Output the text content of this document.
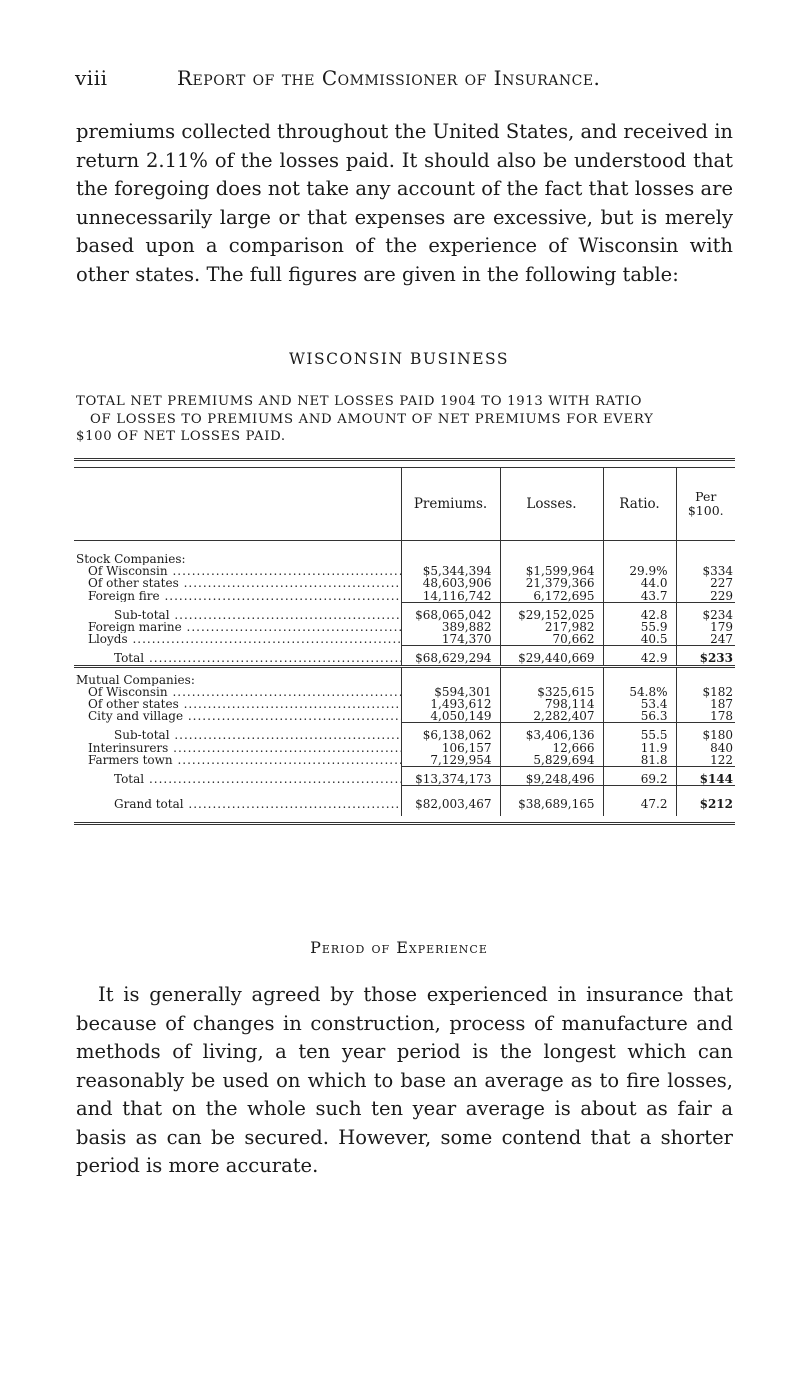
viii	Report of the Commissioner of Insurance.

premiums collected throughout the United States, and received in return 2.11% of the losses paid. It should also be understood that the foregoing does not take any account of the fact that losses are unnecessarily large or that expenses are excessive, but is merely based upon a comparison of the experience of Wisconsin with other states. The full figures are given in the following table:

WISCONSIN BUSINESS
TOTAL NET PREMIUMS AND NET LOSSES PAID 1904 TO 1913 WITH RATIO
OF LOSSES TO PREMIUMS AND AMOUNT OF NET PREMIUMS FOR EVERY
$100 OF NET LOSSES PAID.
	Premiums.	Losses.	Ratio.	Per $100.

Stock Companies:				
Of Wisconsin .....	$5,344,394	$1,599,964	29.9%	$334
Of other states .....	48,603,906	21,379,366	44.0	227
Foreign fire .....	14,116,742	6,172,695	43.7	229

Sub-total .....	$68,065,042	$29,152,025	42.8	$234
Foreign marine .....	389,882	217,982	55.9	179
Lloyds .....	174,370	70,662	40.5	247

Total .....	$68,629,294	$29,440,669	42.9	$233

Mutual Companies:				
Of Wisconsin .....	$594,301	$325,615	54.8%	$182
Of other states .....	1,493,612	798,114	53.4	187
City and village .....	4,050,149	2,282,407	56.3	178

Sub-total .....	$6,138,062	$3,406,136	55.5	$180
Interinsurers .....	106,157	12,666	11.9	840
Farmers town .....	7,129,954	5,829,694	81.8	122

Total .....	$13,374,173	$9,248,496	69.2	$144

Grand total .....	$82,003,467	$38,689,165	47.2	$212

Period of Experience

It is generally agreed by those experienced in insurance that because of changes in construction, process of manufacture and methods of living, a ten year period is the longest which can reasonably be used on which to base an average as to fire losses, and that on the whole such ten year average is about as fair a basis as can be secured. However, some contend that a shorter period is more accurate.
